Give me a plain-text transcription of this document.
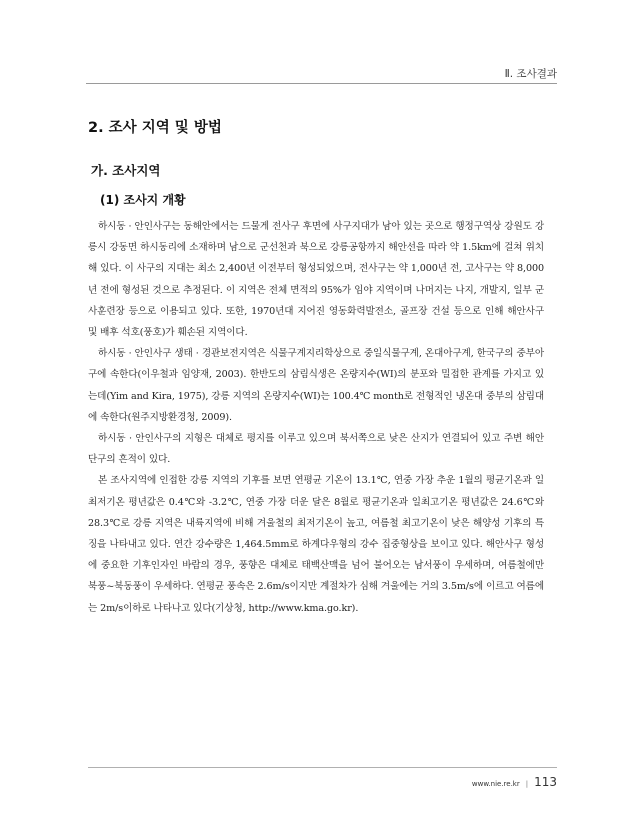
Ⅱ. 조사결과
2. 조사 지역 및 방법
가. 조사지역
(1) 조사지 개황

하시동 · 안인사구는 동해안에서는 드물게 전사구 후면에 사구지대가 남아 있는 곳으로 행정구역상 강원도 강릉시 강동면 하시동리에 소재하며 남으로 군선천과 북으로 강릉공항까지 해안선을 따라 약 1.5km에 걸쳐 위치해 있다. 이 사구의 지대는 최소 2,400년 이전부터 형성되었으며, 전사구는 약 1,000년 전, 고사구는 약 8,000년 전에 형성된 것으로 추정된다. 이 지역은 전체 면적의 95%가 임야 지역이며 나머지는 나지, 개발지, 일부 군사훈련장 등으로 이용되고 있다. 또한, 1970년대 지어진 영동화력발전소, 골프장 건설 등으로 인해 해안사구 및 배후 석호(풍호)가 훼손된 지역이다.

하시동 · 안인사구 생태 · 경관보전지역은 식물구계지리학상으로 중일식물구계, 온대아구계, 한국구의 중부아구에 속한다(이우철과 임양재, 2003). 한반도의 삼림식생은 온량지수(WI)의 분포와 밀접한 관계를 가지고 있는데(Yim and Kira, 1975), 강릉 지역의 온량지수(WI)는 100.4℃ month로 전형적인 냉온대 중부의 삼림대에 속한다(원주지방환경청, 2009).

하시동 · 안인사구의 지형은 대체로 평지를 이루고 있으며 북서쪽으로 낮은 산지가 연결되어 있고 주변 해안단구의 흔적이 있다.

본 조사지역에 인접한 강릉 지역의 기후를 보면 연평균 기온이 13.1℃, 연중 가장 추운 1월의 평균기온과 일최저기온 평년값은 0.4℃와 -3.2℃, 연중 가장 더운 달은 8월로 평균기온과 일최고기온 평년값은 24.6℃와 28.3℃로 강릉 지역은 내륙지역에 비해 겨울철의 최저기온이 높고, 여름철 최고기온이 낮은 해양성 기후의 특징을 나타내고 있다. 연간 강수량은 1,464.5mm로 하계다우형의 강수 집중형상을 보이고 있다. 해안사구 형성에 중요한 기후인자인 바람의 경우, 풍향은 대체로 태백산맥을 넘어 불어오는 남서풍이 우세하며, 여름철에만 북풍~북동풍이 우세하다. 연평균 풍속은 2.6m/s이지만 계절차가 심해 겨울에는 거의 3.5m/s에 이르고 여름에는 2m/s이하로 나타나고 있다(기상청, http://www.kma.go.kr).

www.nie.re.kr | 113
